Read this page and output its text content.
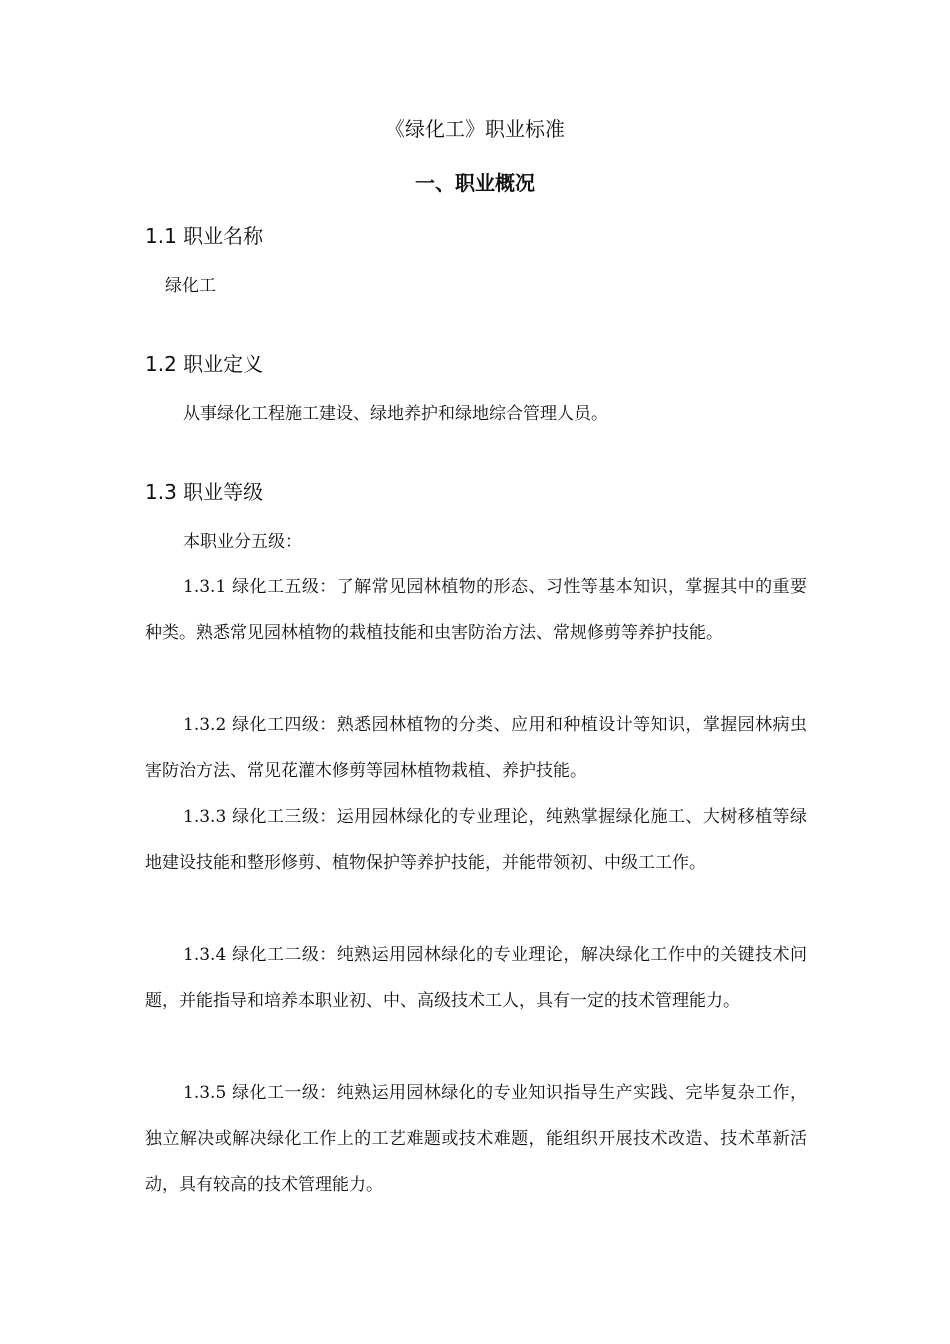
《绿化工》职业标准
一、职业概况
1.1 职业名称

绿化工

1.2 职业定义

从事绿化工程施工建设、绿地养护和绿地综合管理人员。

1.3 职业等级

本职业分五级：

1.3.1 绿化工五级：了解常见园林植物的形态、习性等基本知识，掌握其中的重要种类。熟悉常见园林植物的栽植技能和虫害防治方法、常规修剪等养护技能。

1.3.2 绿化工四级：熟悉园林植物的分类、应用和种植设计等知识，掌握园林病虫害防治方法、常见花灌木修剪等园林植物栽植、养护技能。

1.3.3 绿化工三级：运用园林绿化的专业理论，纯熟掌握绿化施工、大树移植等绿地建设技能和整形修剪、植物保护等养护技能，并能带领初、中级工工作。

1.3.4 绿化工二级：纯熟运用园林绿化的专业理论，解决绿化工作中的关键技术问题，并能指导和培养本职业初、中、高级技术工人，具有一定的技术管理能力。

1.3.5 绿化工一级：纯熟运用园林绿化的专业知识指导生产实践、完毕复杂工作，独立解决或解决绿化工作上的工艺难题或技术难题，能组织开展技术改造、技术革新活动，具有较高的技术管理能力。
